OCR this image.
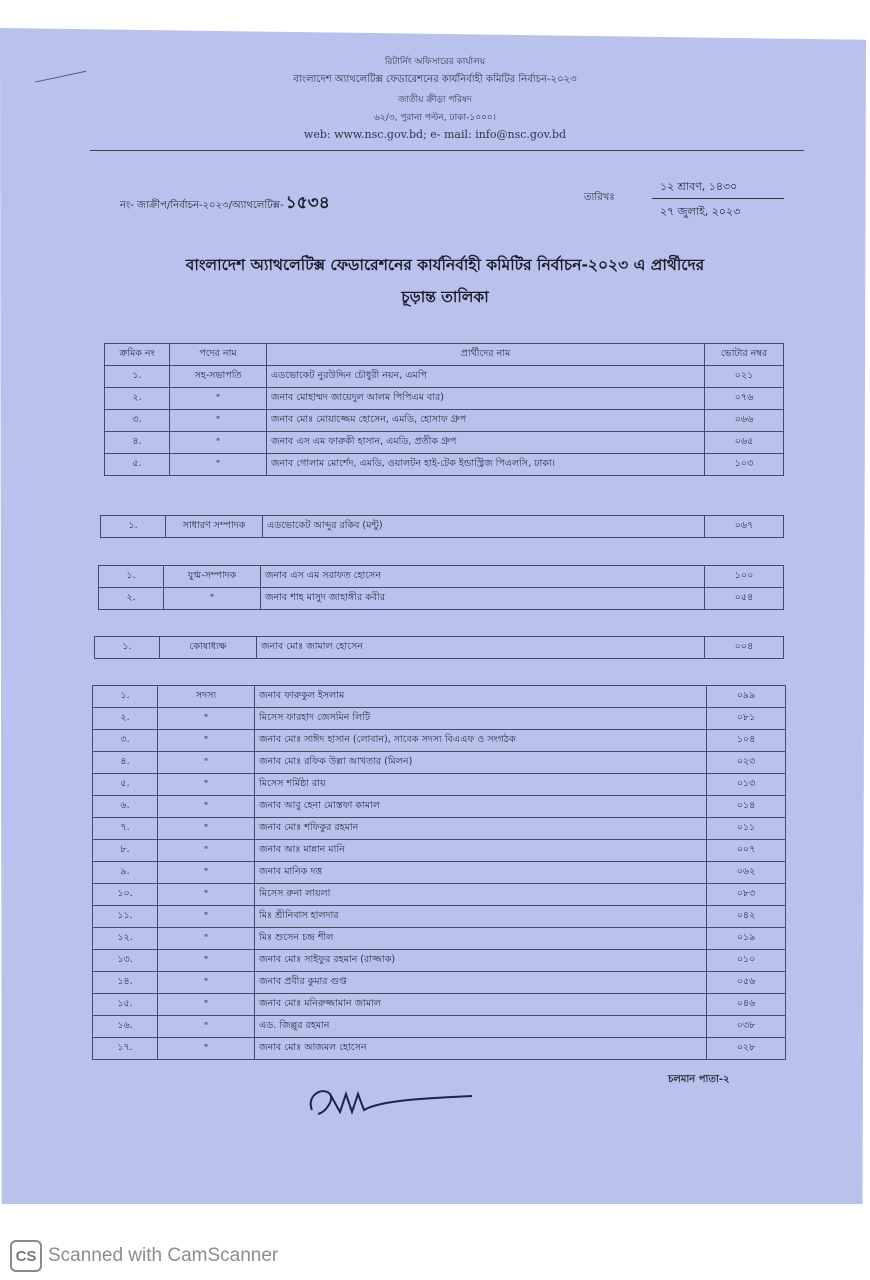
রিটার্নিং অফিসারের কার্যালয়
বাংলাদেশ অ্যাথলেটিক্স ফেডারেশনের কার্যনির্বাহী কমিটির নির্বাচন-২০২৩
জাতীয় ক্রীড়া পরিষদ
৬২/৩, পুরানা পল্টন, ঢাকা-১০০০।
web: www.nsc.gov.bd; e- mail: info@nsc.gov.bd
নং- জাক্রীপ/নির্বাচন-২০২৩/অ্যাথলেটিক্স- ১৫৩৪	তারিখঃ
১২ শ্রাবণ, ১৪৩০
২৭ জুলাই, ২০২৩
বাংলাদেশ অ্যাথলেটিক্স ফেডারেশনের কার্যনির্বাহী কমিটির নির্বাচন-২০২৩ এ প্রার্থীদের
চূড়ান্ত তালিকা
ক্রমিক নং	পদের নাম	প্রার্থীদের নাম	ভোটার নম্বর
১.	সহ-সভাপতি	এডভোকেট নুরউদ্দিন চৌধুরী নয়ন, এমপি	০২১
২.	"	জনাব মোহাম্মদ জায়েদুল আলম পিপিএম বার)	০৭৬
৩.	"	জনাব মোঃ মোয়াজ্জেম হোসেন, এমডি, হোসাফ গ্রুপ	০৬৬
৪.	"	জনাব এস এম ফারুকী হাসান, এমডি, প্রতীক গ্রুপ	০৬৫
৫.	"	জনাব গোলাম মোর্শেদ, এমডি, ওয়ালটন হাই-টেক ইন্ডাস্ট্রিজ পিএলসি, ঢাকা।	১০৩
১.	সাধারণ সম্পাদক	এডভোকেট আব্দুর রকিব (মন্টু)	০৬৭
১.	যুগ্ম-সম্পাদক	জনাব এস এম সরাফত হোসেন	১০০
২.	"	জনাব শাহ মাসুদ জাহাঙ্গীর কবীর	০৫৪
১.	কোষাধ্যক্ষ	জনাব মোঃ জামাল হোসেন	০০৪
১.	সদস্য	জনাব ফারুকুল ইসলাম	০৯৯
২.	"	মিসেস ফারহাদ জেসমিন লিটি	০৮১
৩.	"	জনাব মোঃ সাঈদ হাসান (লোবান), সাবেক সদস্য বিএএফ ও সংগঠক	১০৪
৪.	"	জনাব মোঃ রফিক উল্লা আখতার (মিলন)	০২৩
৫.	"	মিসেস শর্মিষ্ঠা রায়	০১৩
৬.	"	জনাব আবু হেনা মোস্তফা কামাল	০১৪
৭.	"	জনাব মোঃ শফিকুর রহমান	০১১
৮.	"	জনাব আঃ মান্নান মানি	০০৭
৯.	"	জনাব মানিক দত্ত	০৬২
১০.	"	মিসেস রুনা লায়লা	০৮৩
১১.	"	মিঃ শ্রীনিবাস হালদার	০৪২
১২.	"	মিঃ শুসেন চন্দ্র শীল	০১৯
১৩.	"	জনাব মোঃ সাইফুর রহমান (রাজ্জাক)	০১০
১৪.	"	জনাব প্রবীর কুমার গুপ্ত	০৫৬
১৫.	"	জনাব মোঃ মনিরুজ্জামান জামাল	০৪৬
১৬.	"	এড. জিল্লুর রহমান	০৩৮
১৭.	"	জনাব মোঃ আজমল হোসেন	০২৮
চলমান পাতা-২
CS Scanned with CamScanner
